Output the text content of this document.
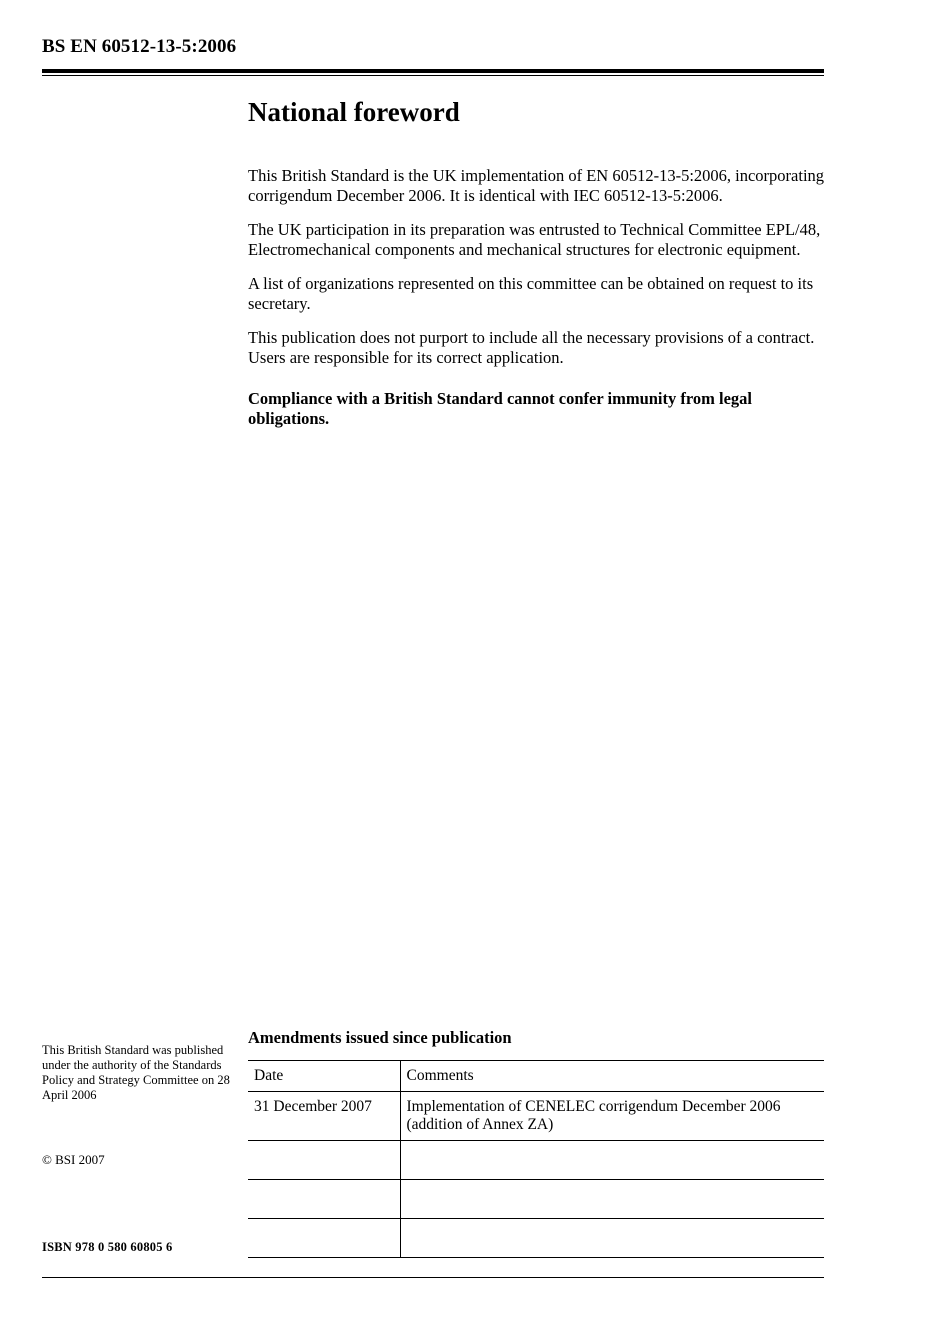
BS EN 60512-13-5:2006
National foreword

This British Standard is the UK implementation of EN 60512-13-5:2006, incorporating corrigendum December 2006. It is identical with IEC 60512-13-5:2006.

The UK participation in its preparation was entrusted to Technical Committee EPL/48, Electromechanical components and mechanical structures for electronic equipment.

A list of organizations represented on this committee can be obtained on request to its secretary.

This publication does not purport to include all the necessary provisions of a contract. Users are responsible for its correct application.

Compliance with a British Standard cannot confer immunity from legal obligations.

This British Standard was published under the authority of the Standards Policy and Strategy Committee on 28 April 2006

© BSI 2007
ISBN 978 0 580 60805 6
Amendments issued since publication
Date	Comments
31 December 2007	Implementation of CENELEC corrigendum December 2006 (addition of Annex ZA)
